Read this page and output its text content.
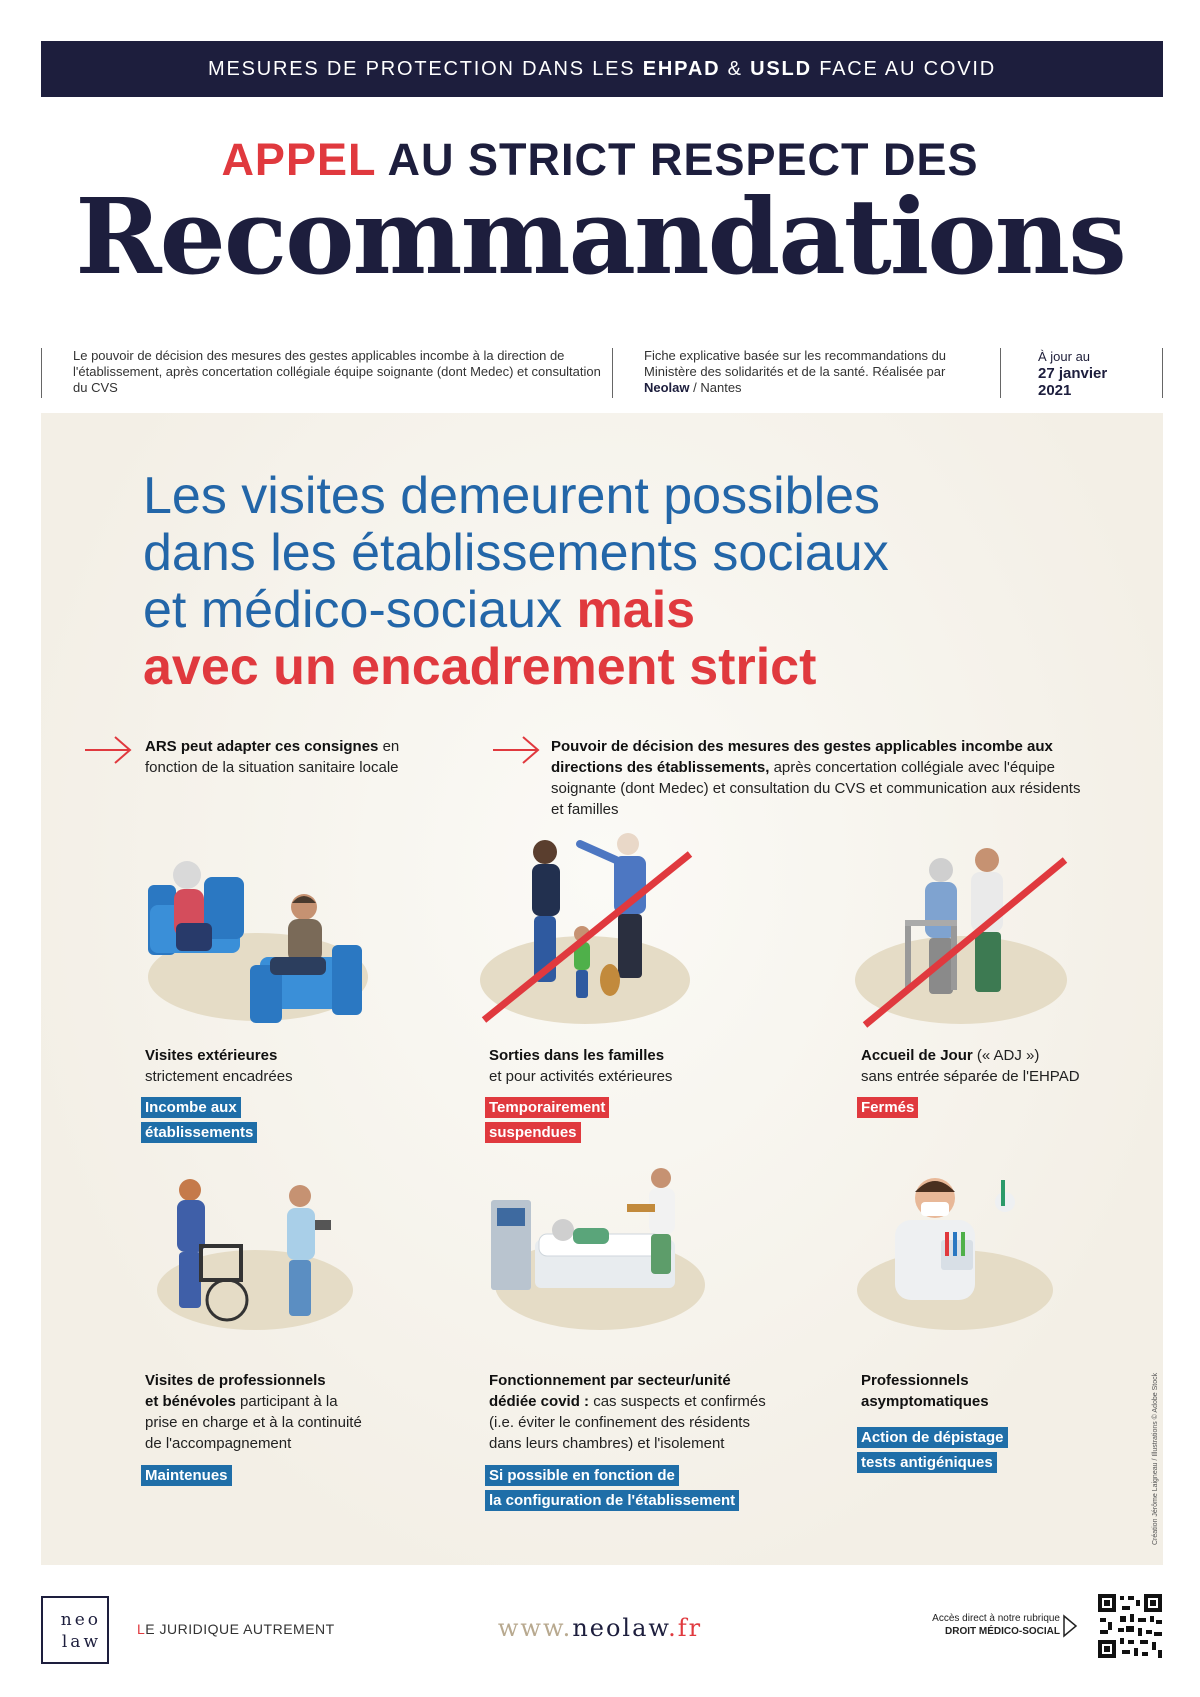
MESURES DE PROTECTION DANS LES
EHPAD
&
USLD
FACE AU COVID
APPEL AU STRICT RESPECT DES
Recommandations
Le pouvoir de décision des mesures des gestes applicables incombe à la direction de l'établissement, après concertation collégiale équipe soignante (dont Medec) et consultation du CVS
Fiche explicative basée sur les recommandations du Ministère des solidarités et de la santé. Réalisée par Neolaw / Nantes
À jour au
27 janvier
2021
Les visites demeurent possibles
dans les établissements sociaux
et médico-sociaux mais
avec un encadrement strict
ARS peut adapter ces consignes en fonction de la situation sanitaire locale
Pouvoir de décision des mesures des gestes applicables incombe aux directions des établissements, après concertation collégiale avec l'équipe soignante (dont Medec) et consultation du CVS et communication aux résidents et familles
Visites extérieures
strictement encadrées
Incombe aux
établissements
Sorties dans les familles
et pour activités extérieures
Temporairement
suspendues
Accueil de Jour (« ADJ »)
sans entrée séparée de l'EHPAD
Fermés
Visites de professionnels
et bénévoles participant à la
prise en charge et à la continuité
de l'accompagnement
Maintenues
Fonctionnement par secteur/unité
dédiée covid : cas suspects et confirmés
(i.e. éviter le confinement des résidents
dans leurs chambres) et l'isolement
Si possible en fonction de
la configuration de l'établissement
Professionnels
asymptomatiques
Action de dépistage
tests antigéniques	Création Jérôme Laigneau / Illustrations © Adobe Stock
neo
law
LE JURIDIQUE AUTREMENT	www.neolaw.fr	Accès direct à notre rubrique
DROIT MÉDICO-SOCIAL
